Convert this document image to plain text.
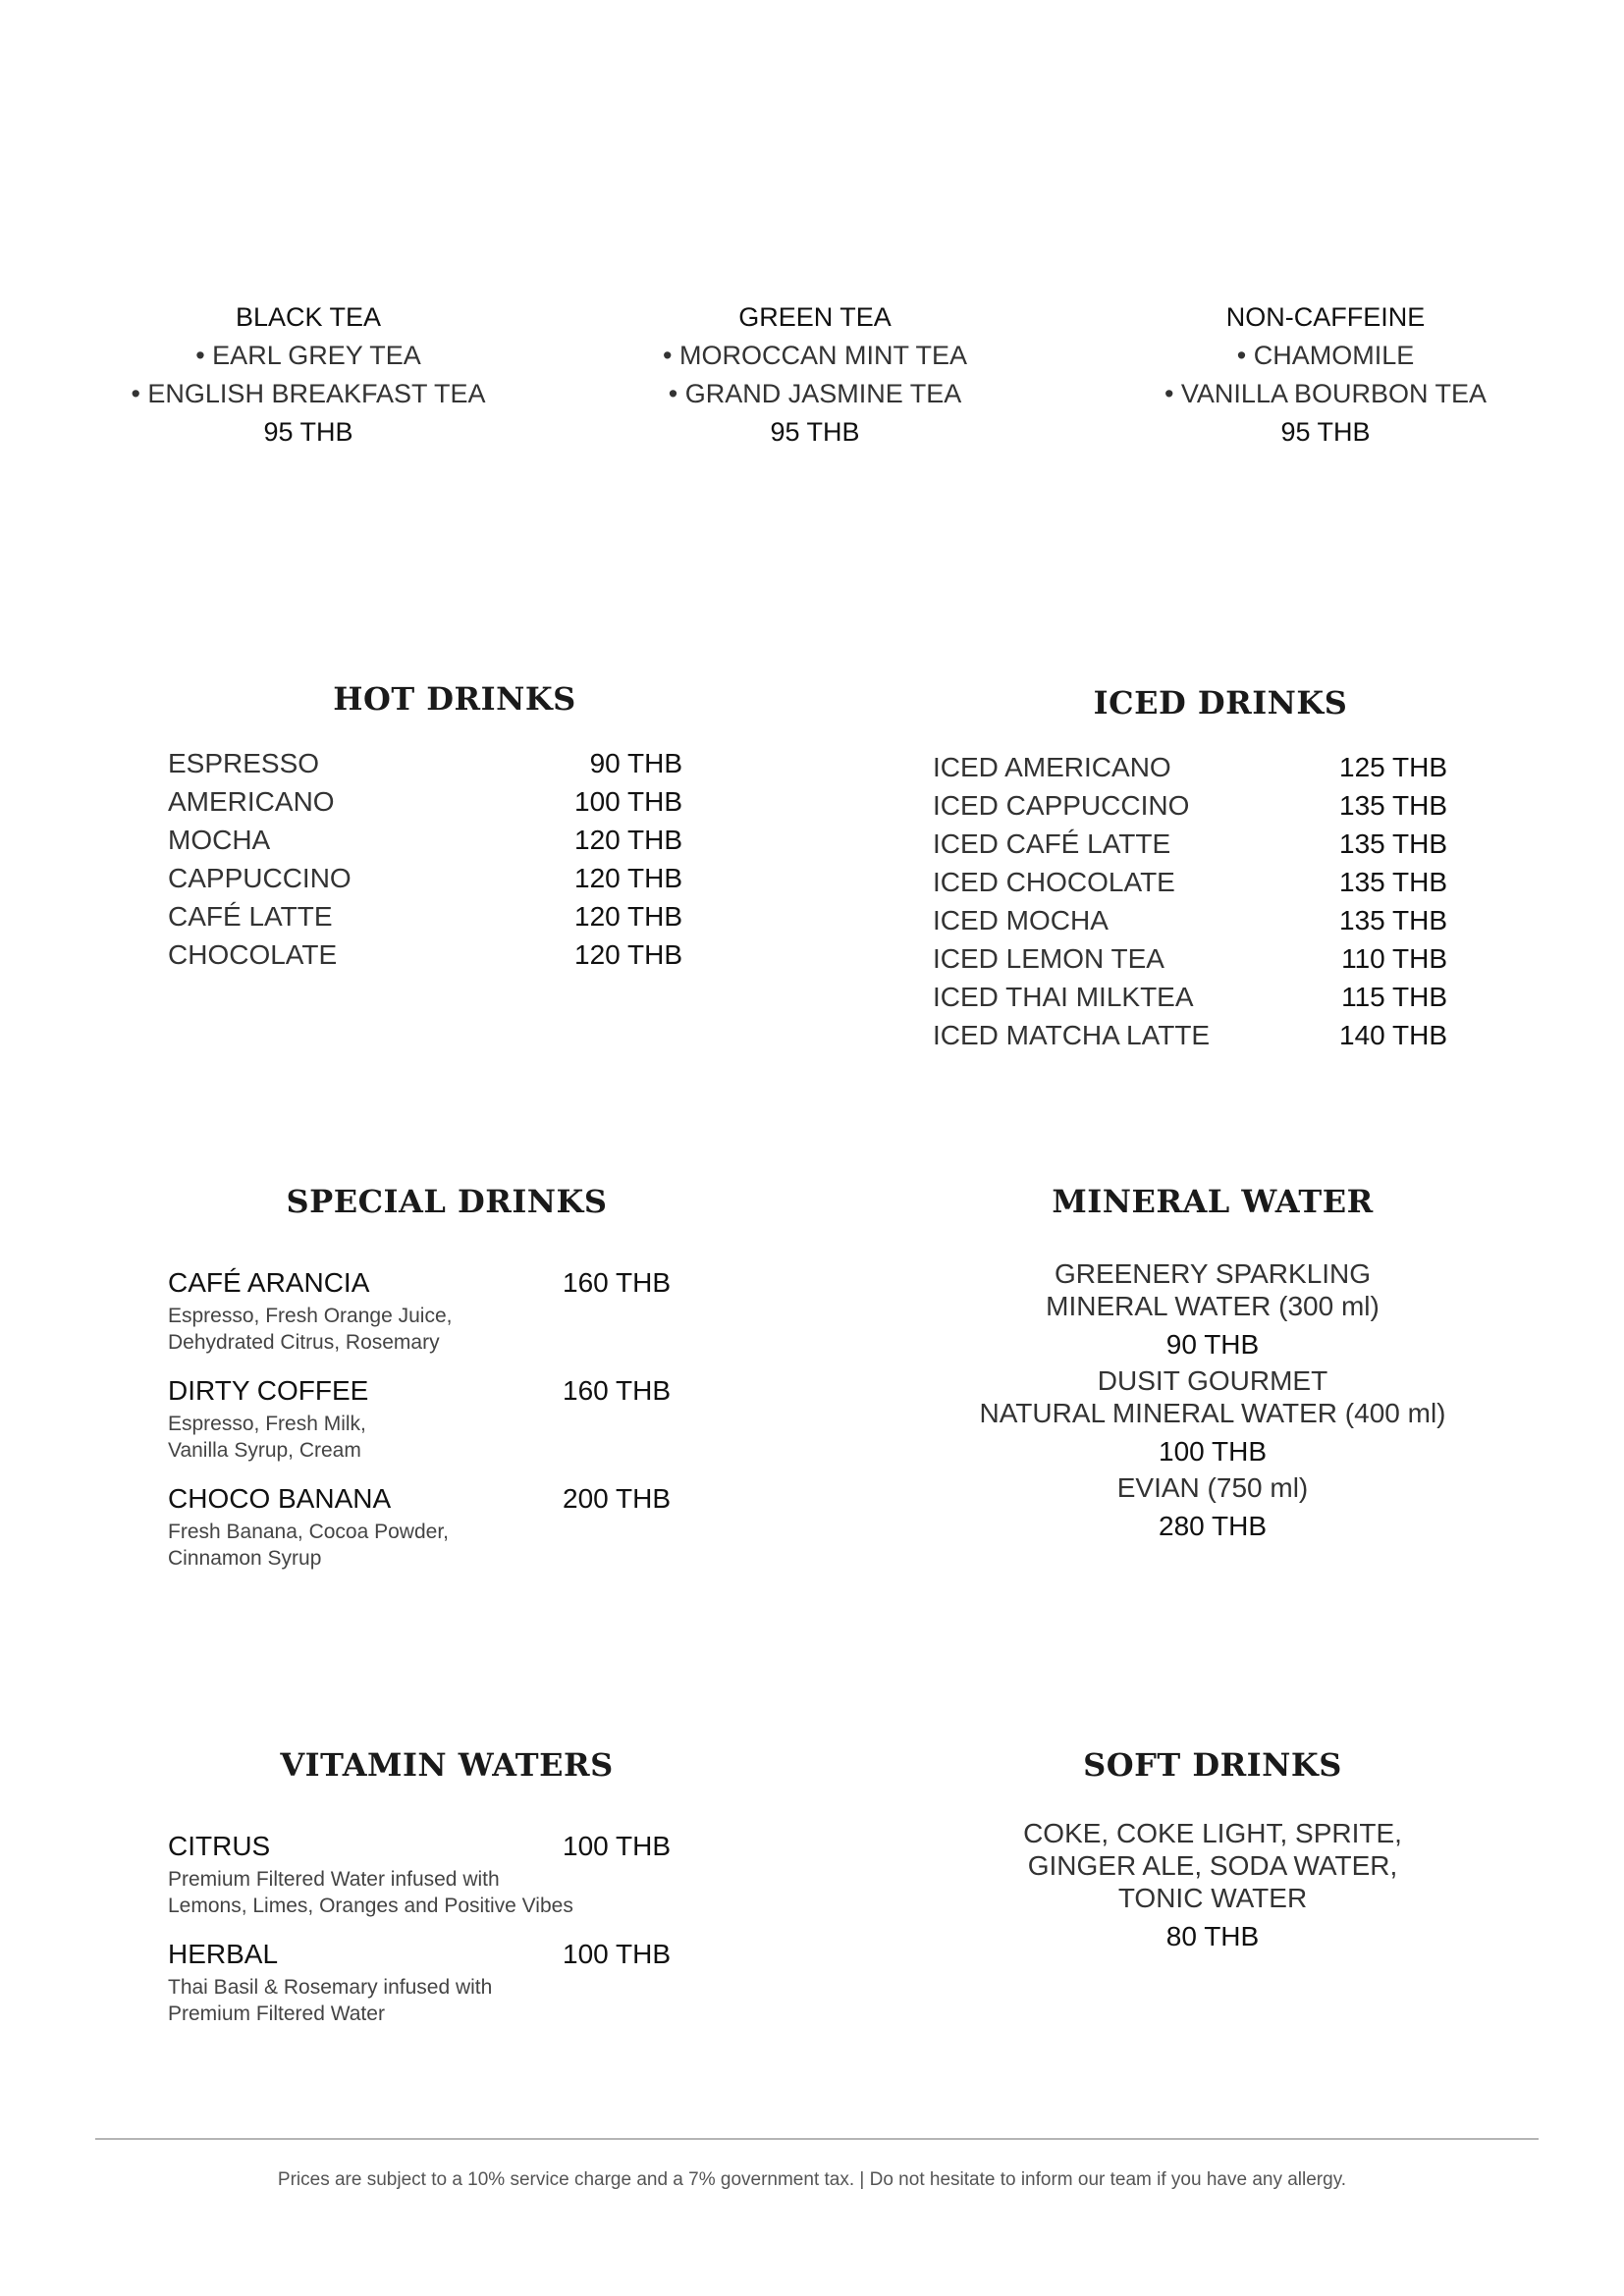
BLACK TEA
• EARL GREY TEA
• ENGLISH BREAKFAST TEA
95 THB
GREEN TEA
• MOROCCAN MINT TEA
• GRAND JASMINE TEA
95 THB
NON-CAFFEINE
• CHAMOMILE
• VANILLA BOURBON TEA
95 THB
HOT DRINKS
ESPRESSO	90 THB
AMERICANO	100 THB
MOCHA	120 THB
CAPPUCCINO	120 THB
CAFÉ LATTE	120 THB
CHOCOLATE	120 THB
ICED DRINKS
ICED AMERICANO	125 THB
ICED CAPPUCCINO	135 THB
ICED CAFÉ LATTE	135 THB
ICED CHOCOLATE	135 THB
ICED MOCHA	135 THB
ICED LEMON TEA	110 THB
ICED THAI MILKTEA	115 THB
ICED MATCHA LATTE	140 THB
SPECIAL DRINKS
CAFÉ ARANCIA	160 THB
Espresso, Fresh Orange Juice,
Dehydrated Citrus, Rosemary
DIRTY COFFEE	160 THB
Espresso, Fresh Milk,
Vanilla Syrup, Cream
CHOCO BANANA	200 THB
Fresh Banana, Cocoa Powder,
Cinnamon Syrup
MINERAL WATER
GREENERY SPARKLING
MINERAL WATER (300 ml)
90 THB
DUSIT GOURMET
NATURAL MINERAL WATER (400 ml)
100 THB
EVIAN (750 ml)
280 THB
VITAMIN WATERS
CITRUS	100 THB
Premium Filtered Water infused with
Lemons, Limes, Oranges and Positive Vibes
HERBAL	100 THB
Thai Basil & Rosemary infused with
Premium Filtered Water
SOFT DRINKS
COKE, COKE LIGHT, SPRITE,
GINGER ALE, SODA WATER,
TONIC WATER
80 THB
Prices are subject to a 10% service charge and a 7% government tax. | Do not hesitate to inform our team if you have any allergy.
